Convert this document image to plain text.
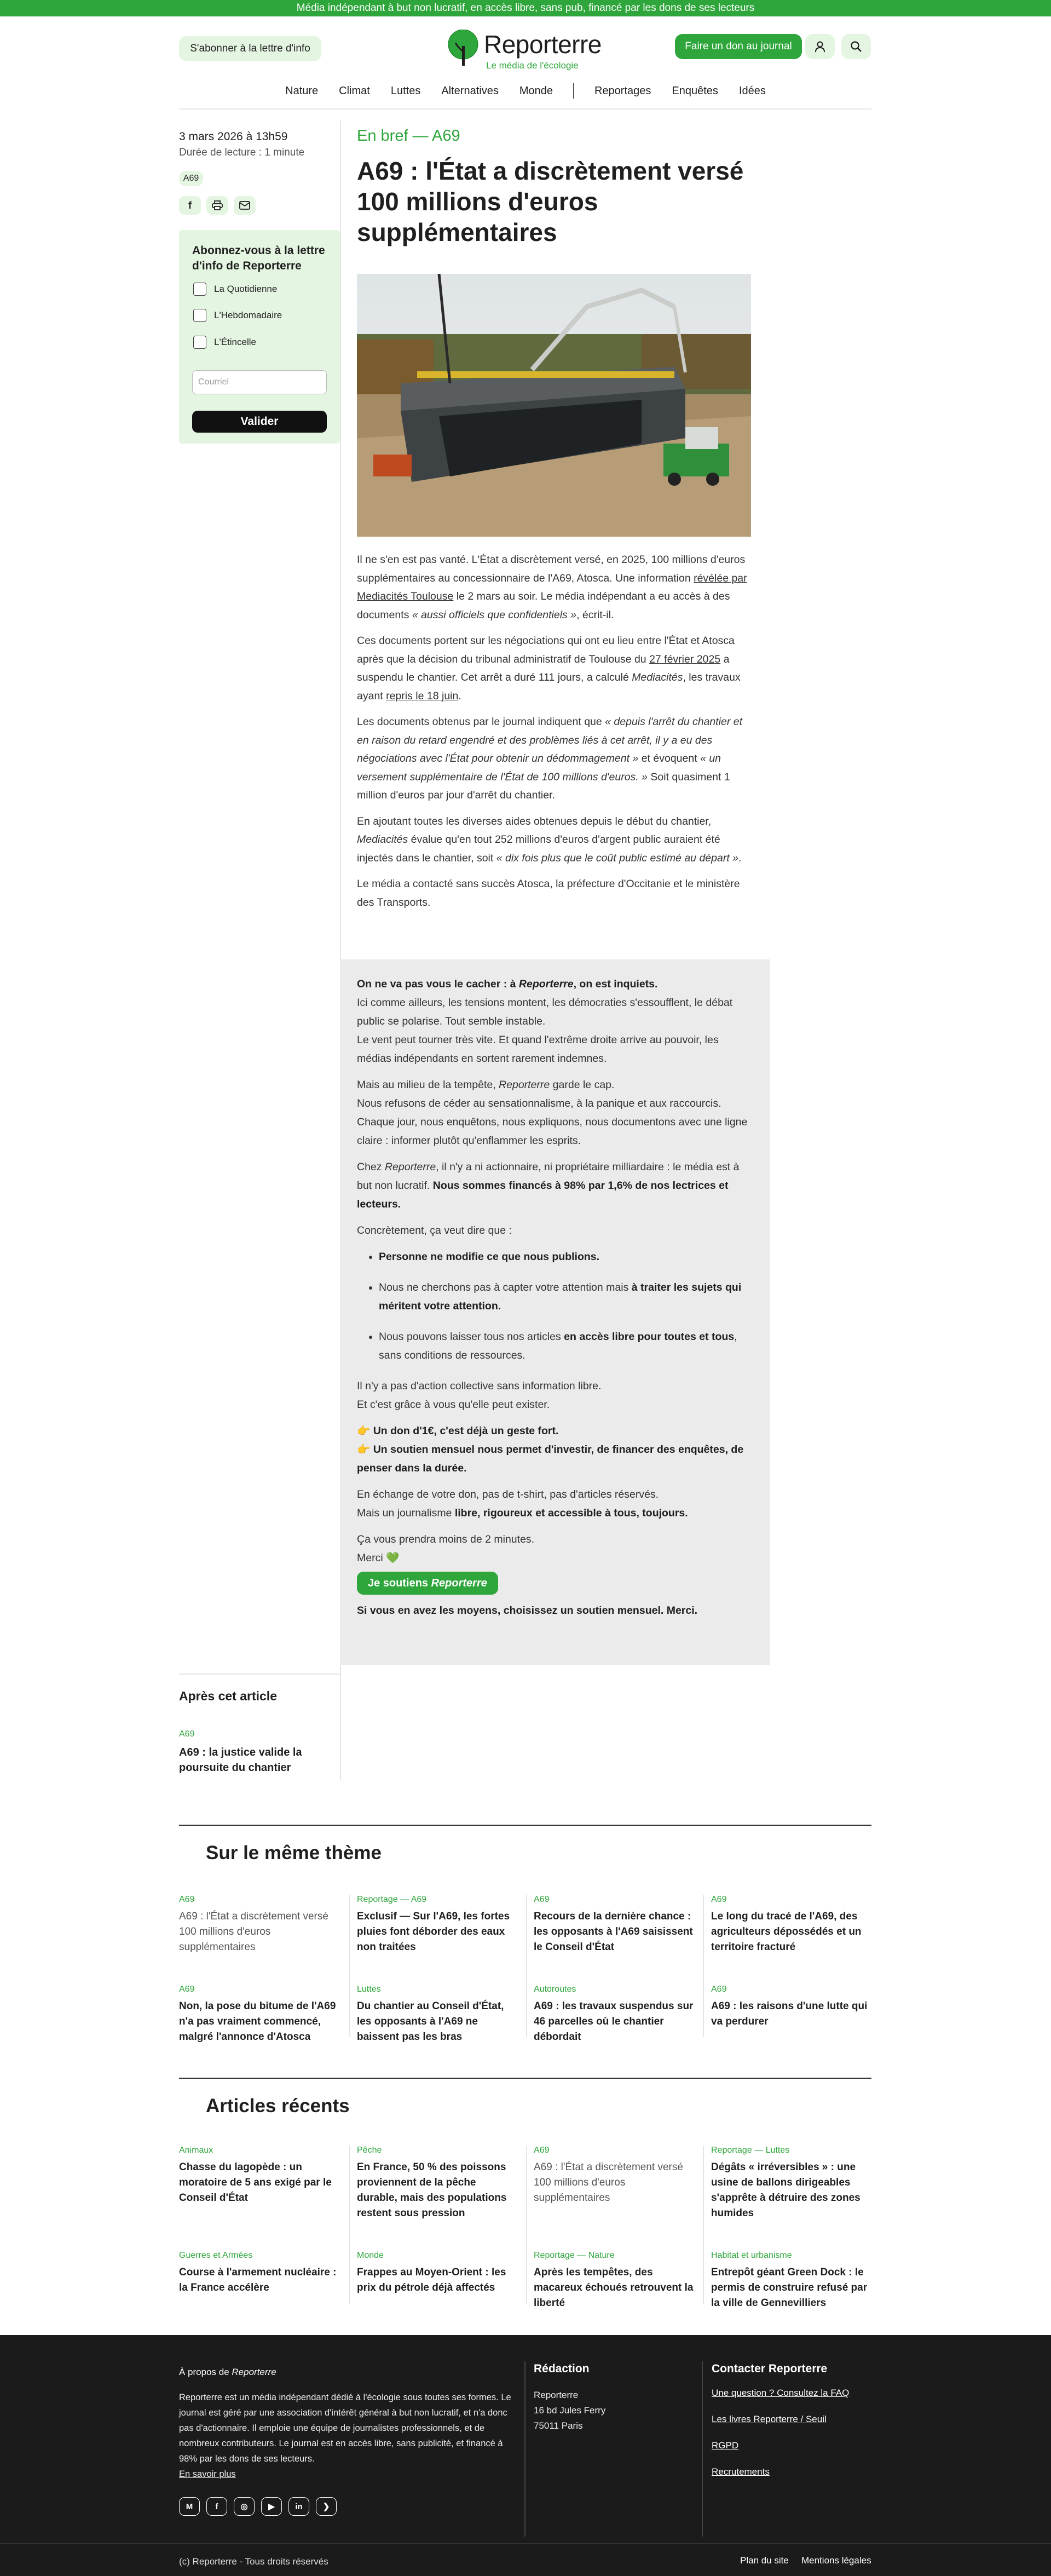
Média indépendant à but non lucratif, en accès libre, sans pub, financé par les dons de ses lecteurs
S'abonner à la lettre d'info	Reporterre
Le média de l'écologie
Faire un don au journal
Nature Climat Luttes Alternatives Monde	Reportages Enquêtes Idées
3 mars 2026 à 13h59
Durée de lecture : 1 minute
A69
f
Abonnez-vous à la lettre d'info de Reporterre
La Quotidienne
L'Hebdomadaire
L'Étincelle
Courriel
Valider
En bref — A69
A69 : l'État a discrètement versé 100 millions d'euros supplémentaires

Il ne s'en est pas vanté. L'État a discrètement versé, en 2025, 100 millions d'euros supplémentaires au concessionnaire de l'A69, Atosca. Une information révélée par Mediacités Toulouse le 2 mars au soir. Le média indépendant a eu accès à des documents « aussi officiels que confidentiels », écrit-il.

Ces documents portent sur les négociations qui ont eu lieu entre l'État et Atosca après que la décision du tribunal administratif de Toulouse du 27 février 2025 a suspendu le chantier. Cet arrêt a duré 111 jours, a calculé Mediacités, les travaux ayant repris le 18 juin.

Les documents obtenus par le journal indiquent que « depuis l'arrêt du chantier et en raison du retard engendré et des problèmes liés à cet arrêt, il y a eu des négociations avec l'État pour obtenir un dédommagement » et évoquent « un versement supplémentaire de l'État de 100 millions d'euros. » Soit quasiment 1 million d'euros par jour d'arrêt du chantier.

En ajoutant toutes les diverses aides obtenues depuis le début du chantier, Mediacités évalue qu'en tout 252 millions d'euros d'argent public auraient été injectés dans le chantier, soit « dix fois plus que le coût public estimé au départ ».

Le média a contacté sans succès Atosca, la préfecture d'Occitanie et le ministère des Transports.

On ne va pas vous le cacher : à Reporterre, on est inquiets.
Ici comme ailleurs, les tensions montent, les démocraties s'essoufflent, le débat public se polarise. Tout semble instable.
Le vent peut tourner très vite. Et quand l'extrême droite arrive au pouvoir, les médias indépendants en sortent rarement indemnes.

Mais au milieu de la tempête, Reporterre garde le cap.
Nous refusons de céder au sensationnalisme, à la panique et aux raccourcis.
Chaque jour, nous enquêtons, nous expliquons, nous documentons avec une ligne claire : informer plutôt qu'enflammer les esprits.

Chez Reporterre, il n'y a ni actionnaire, ni propriétaire milliardaire : le média est à but non lucratif. Nous sommes financés à 98% par 1,6% de nos lectrices et lecteurs.

Concrètement, ça veut dire que :

• Personne ne modifie ce que nous publions.
• Nous ne cherchons pas à capter votre attention mais à traiter les sujets qui méritent votre attention.
• Nous pouvons laisser tous nos articles en accès libre pour toutes et tous, sans conditions de ressources.

Il n'y a pas d'action collective sans information libre.
Et c'est grâce à vous qu'elle peut exister.

👉 Un don d'1€, c'est déjà un geste fort.
👉 Un soutien mensuel nous permet d'investir, de financer des enquêtes, de penser dans la durée.

En échange de votre don, pas de t-shirt, pas d'articles réservés.
Mais un journalisme libre, rigoureux et accessible à tous, toujours.

Ça vous prendra moins de 2 minutes.
Merci 💚

Je soutiens Reporterre

Si vous en avez les moyens, choisissez un soutien mensuel. Merci.

Après cet article
A69
A69 : la justice valide la poursuite du chantier
Sur le même thème
A69
A69 : l'État a discrètement versé 100 millions d'euros supplémentaires
Reportage — A69
Exclusif — Sur l'A69, les fortes pluies font déborder des eaux non traitées
A69
Recours de la dernière chance : les opposants à l'A69 saisissent le Conseil d'État
A69
Le long du tracé de l'A69, des agriculteurs dépossédés et un territoire fracturé
A69
Non, la pose du bitume de l'A69 n'a pas vraiment commencé, malgré l'annonce d'Atosca
Luttes
Du chantier au Conseil d'État, les opposants à l'A69 ne baissent pas les bras
Autoroutes
A69 : les travaux suspendus sur 46 parcelles où le chantier débordait
A69
A69 : les raisons d'une lutte qui va perdurer
Articles récents
Animaux
Chasse du lagopède : un moratoire de 5 ans exigé par le Conseil d'État
Pêche
En France, 50 % des poissons proviennent de la pêche durable, mais des populations restent sous pression
A69
A69 : l'État a discrètement versé 100 millions d'euros supplémentaires
Reportage — Luttes
Dégâts « irréversibles » : une usine de ballons dirigeables s'apprête à détruire des zones humides
Guerres et Armées
Course à l'armement nucléaire : la France accélère
Monde
Frappes au Moyen-Orient : les prix du pétrole déjà affectés
Reportage — Nature
Après les tempêtes, des macareux échoués retrouvent la liberté
Habitat et urbanisme
Entrepôt géant Green Dock : le permis de construire refusé par la ville de Gennevilliers
À propos de Reporterre
Reporterre est un média indépendant dédié à l'écologie sous toutes ses formes. Le journal est géré par une association d'intérêt général à but non lucratif, et n'a donc pas d'actionnaire. Il emploie une équipe de journalistes professionnels, et de nombreux contributeurs. Le journal est en accès libre, sans publicité, et financé à 98% par les dons de ses lecteurs.
En savoir plus
M	f	◎	▶	in	❯
Rédaction
Reporterre
16 bd Jules Ferry
75011 Paris
Contacter Reporterre
Une question ? Consultez la FAQ
Les livres Reporterre / Seuil
RGPD
Recrutements
(c) Reporterre - Tous droits réservés	Plan du site Mentions légales
